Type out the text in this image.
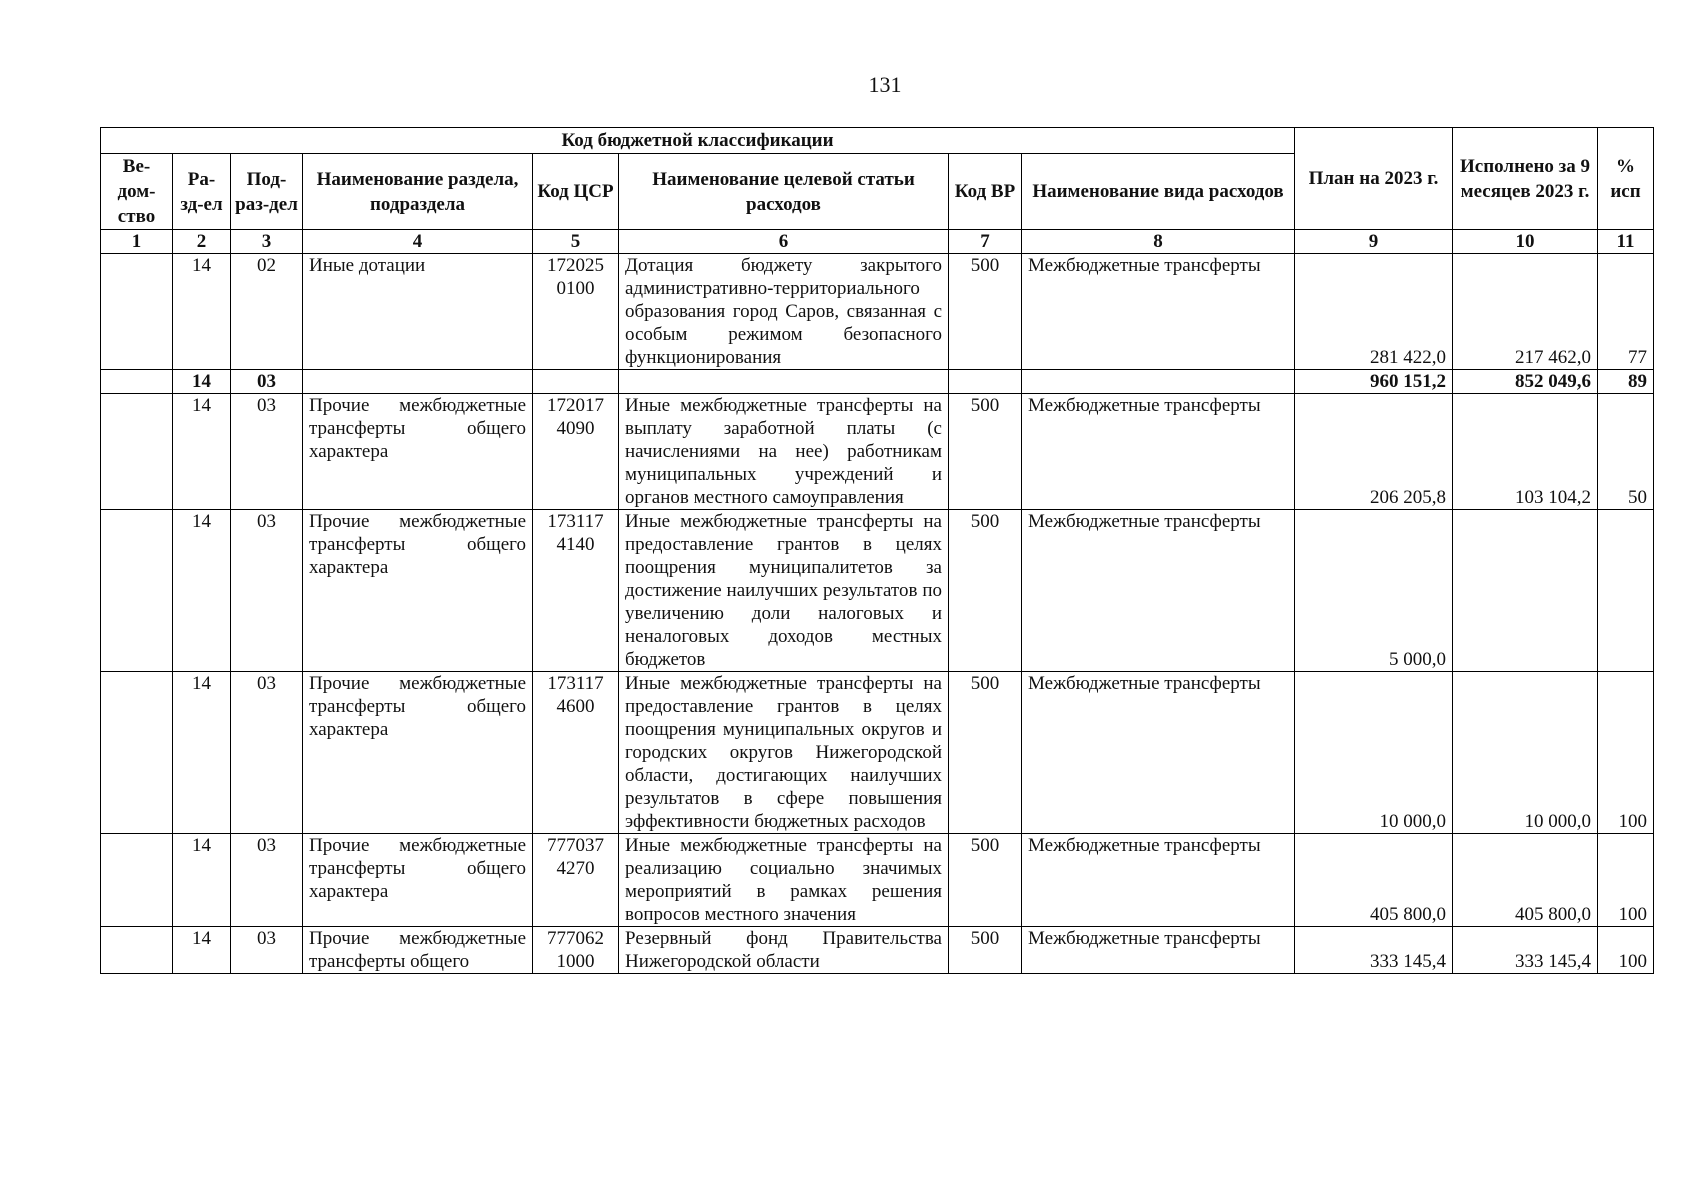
131
Код бюджетной классификации								План на 2023 г.	Исполнено за 9 месяцев 2023 г.	% исп
Ве-дом-ство	Ра-зд-ел	Под-раз-дел	Наименование раздела, подраздела	Код ЦСР	Наименование целевой статьи расходов	Код ВР	Наименование вида расходов			
1	2	3	4	5	6	7	8	9	10	11
	14	02	Иные дотации	172025 0100	Дотация бюджету закрытого административно-территориального образования город Саров, связанная с особым режимом безопасного функционирования	500	Межбюджетные трансферты	281 422,0	217 462,0	77
	14	03						960 151,2	852 049,6	89
	14	03	Прочие межбюджетные трансферты общего характера	172017 4090	Иные межбюджетные трансферты на выплату заработной платы (с начислениями на нее) работникам муниципальных учреждений и органов местного самоуправления	500	Межбюджетные трансферты	206 205,8	103 104,2	50
	14	03	Прочие межбюджетные трансферты общего характера	173117 4140	Иные межбюджетные трансферты на предоставление грантов в целях поощрения муниципалитетов за достижение наилучших результатов по увеличению доли налоговых и неналоговых доходов местных бюджетов	500	Межбюджетные трансферты	5 000,0		
	14	03	Прочие межбюджетные трансферты общего характера	173117 4600	Иные межбюджетные трансферты на предоставление грантов в целях поощрения муниципальных округов и городских округов Нижегородской области, достигающих наилучших результатов в сфере повышения эффективности бюджетных расходов	500	Межбюджетные трансферты	10 000,0	10 000,0	100
	14	03	Прочие межбюджетные трансферты общего характера	777037 4270	Иные межбюджетные трансферты на реализацию социально значимых мероприятий в рамках решения вопросов местного значения	500	Межбюджетные трансферты	405 800,0	405 800,0	100
	14	03	Прочие межбюджетные трансферты общего	777062 1000	Резервный фонд Правительства Нижегородской области	500	Межбюджетные трансферты	333 145,4	333 145,4	100
